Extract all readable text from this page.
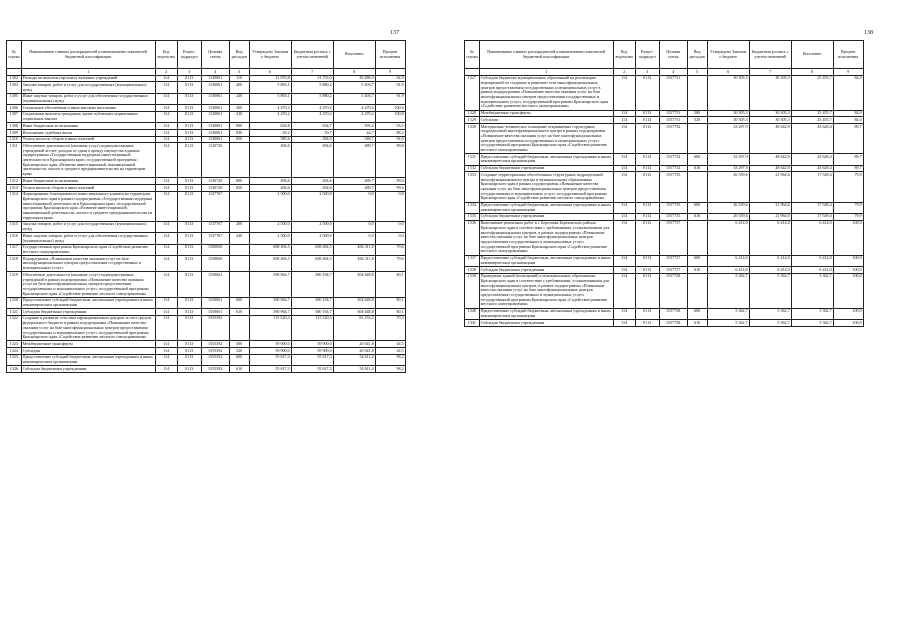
137
№ строки	Наименование главных распорядителей и наименование показателей бюджетной классификации	Код ведомства	Раздел-подраздел	Целевая статья	Вид расходов	Утверждено Законом о бюджете	Бюджетная роспись с учетом изменений	Исполнено	Процент исполнения
	1	2	3	4	5	6	7	8	9
1302	Расходы на выплаты персоналу казенных учреждений	114	0113	1130061	110	31 870,8	31 755,0	29 486,0	92,9
1303	Закупка товаров, работ и услуг для государственных (муниципальных) нужд	114	0113	1130061	200	5 803,1	5 880,2	5 403,7	91,9
1305	Иные закупки товаров, работ и услуг для обеспечения государственных (муниципальных) нужд	114	0113	1130061	240	5 803,1	5 880,2	5 403,7	91,9
1306	Социальное обеспечение и иные выплаты населению	114	0113	1130061	300	4 470,2	4 470,2	4 470,2	100,0
1307	Социальные выплаты гражданам, кроме публичных нормативных социальных выплат	114	0113	1130061	320	4 470,2	4 470,2	4 470,2	100,0
1308	Иные бюджетные ассигнования	114	0113	1130061	800	634,8	634,7	593,4	93,5
1309	Исполнение судебных актов	114	0113	1130061	830	49,2	50,7	44,7	88,2
1310	Уплата налогов, сборов и иных платежей	114	0113	1130061	850	585,6	584,0	548,7	94,0
1311	Обеспечение деятельности (оказание услуг) подведомственных учреждений за счет доходов от сдачи в аренду имущества в рамках подпрограммы «Государственная поддержка инвестиционной деятельности в Красноярском крае» государственной программы Красноярского края «Развитие инвестиционной, инновационной деятельности, малого и среднего предпринимательства на территории края»	114	0113	1130720		494,6	494,6	489,7	99,0
1312	Иные бюджетные ассигнования	114	0113	1130720	800	494,6	494,6	489,7	99,0
1313	Уплата налогов, сборов и иных платежей	114	0113	1130720	850	494,6	494,6	489,7	99,0
1314	Формирование благоприятного инвестиционного климата на территории Красноярского края в рамках подпрограммы «Государственная поддержка инвестиционной деятельности в Красноярском крае» государственной программы Красноярского края «Развитие инвестиционной, инновационной деятельности, малого и среднего предпринимательства на территории края»	114	0113	1137767		2 500,0	2 500,0	0,0	0,0
1315	Закупка товаров, работ и услуг для государственных (муниципальных) нужд	114	0113	1137767	200	2 500,0	2 500,0	0,0	0,0
1316	Иные закупки товаров, работ и услуг для обеспечения государственных (муниципальных) нужд	114	0113	1137767	240	2 500,0	2 500,0	0,0	0,0
1317	Государственная программа Красноярского края «Содействие развитию местного самоуправления»	114	0113	1500000		608 494,5	608 494,5	484 311,8	79,6
1318	Подпрограмма «Повышение качества оказания услуг на базе многофункциональных центров предоставления государственных и муниципальных услуг»	114	0113	1550000		608 494,5	608 494,5	484 311,8	79,6
1319	Обеспечение деятельности (оказание услуг) подведомственных учреждений в рамках подпрограммы «Повышение качества оказания услуг на базе многофункциональных центров предоставления государственных и муниципальных услуг» государственной программы Красноярского края «Содействие развитию местного самоуправления»	114	0113	1550061		390 964,7	380 194,7	304 648,8	80,1
1320	Предоставление субсидий бюджетным, автономным учреждениям и иным некоммерческим организациям	114	0113	1550061	600	390 964,7	380 194,7	304 648,8	80,1
1321	Субсидии бюджетным учреждениям	114	0113	1550061	610	390 964,7	380 194,7	304 648,8	80,1
1322	Создание и развитие сети многофункциональных центров за счет средств федерального бюджета в рамках подпрограммы «Повышение качества оказания услуг на базе многофункциональных центров предоставления государственных и муниципальных услуг» государственной программы Красноярского края «Содействие развитию местного самоуправления»	114	0113	1555392		115 520,3	115 520,3	81 253,2	70,3
1323	Межбюджетные трансферты	114	0113	1555392	500	59 900,0	59 900,0	26 641,8	44,5
1324	Субсидии	114	0113	1555392	520	59 900,0	59 900,0	26 641,8	44,5
1325	Предоставление субсидий бюджетным, автономным учреждениям и иным некоммерческим организациям	114	0113	1555392	600	55 617,3	55 617,3	54 611,4	98,2
1326	Субсидии бюджетным учреждениям	114	0113	1555392	610	55 617,3	55 617,3	54 611,4	98,2
138
№ строки	Наименование главных распорядителей и наименование показателей бюджетной классификации	Код ведомства	Раздел-подраздел	Целевая статья	Вид расходов	Утверждено Законом о бюджете	Бюджетная роспись с учетом изменений	Исполнено	Процент исполнения
	1	2	3	4	5	6	7	8	9
1327	Субсидии бюджетам муниципальных образований на реализацию мероприятий по созданию и развитию сети многофункциональных центров предоставления государственных и муниципальных услуг в рамках подпрограммы «Повышение качества оказания услуг на базе многофункциональных центров предоставления государственных и муниципальных услуг» государственной программы Красноярского края «Содействие развитию местного самоуправления»	114	0113	1557751		30 305,3	30 305,3	25 455,7	84,0
1328	Межбюджетные трансферты	114	0113	1557751	500	30 305,3	30 305,3	25 455,7	84,0
1329	Субсидии	114	0113	1557751	520	30 305,3	30 305,3	25 455,7	84,0
1330	Материально-техническое оснащение открываемых структурных подразделений многофункционального центра в рамках подпрограммы «Повышение качества оказания услуг на базе многофункциональных центров предоставления государственных и муниципальных услуг» государственной программы Красноярского края «Содействие развитию местного самоуправления»	114	0113	1557752		33 297,9	48 642,9	43 628,4	89,7
1331	Предоставление субсидий бюджетным, автономным учреждениям и иным некоммерческим организациям	114	0113	1557752	600	33 297,9	48 642,9	43 628,4	89,7
1332	Субсидии бюджетным учреждениям	114	0113	1557752	610	33 297,9	48 642,9	43 628,4	89,7
1333	Создание территориально обособленных структурных подразделений многофункционального центра в муниципальных образованиях Красноярского края в рамках подпрограммы «Повышение качества оказания услуг на базе многофункциональных центров предоставления государственных и муниципальных услуг» государственной программы Красноярского края «Содействие развитию местного самоуправления»	114	0113	1557755		26 539,6	21 964,6	17 549,4	79,9
1334	Предоставление субсидий бюджетным, автономным учреждениям и иным некоммерческим организациям	114	0113	1557755	600	26 539,6	21 964,6	17 549,4	79,9
1335	Субсидии бюджетным учреждениям	114	0113	1557755	610	26 539,6	21 964,6	17 549,4	79,9
1336	Выполнение ремонтных работ в г. Березовка Березовского района Красноярского края в соответствии с требованиями, установленными для многофункциональных центров, в рамках подпрограммы «Повышение качества оказания услуг на базе многофункциональных центров предоставления государственных и муниципальных услуг» государственной программы Красноярского края «Содействие развитию местного самоуправления»	114	0113	1557757		6 414,0	6 414,0	6 414,0	100,0
1337	Предоставление субсидий бюджетным, автономным учреждениям и иным некоммерческим организациям	114	0113	1557757	600	6 414,0	6 414,0	6 414,0	100,0
1338	Субсидии бюджетным учреждениям	114	0113	1557757	610	6 414,0	6 414,0	6 414,0	100,0
1339	Приведение зданий (помещений) в муниципальных образованиях Красноярского края в соответствие с требованиями, установленными для многофункциональных центров, в рамках подпрограммы «Повышение качества оказания услуг на базе многофункциональных центров предоставления государственных и муниципальных услуг» государственной программы Красноярского края «Содействие развитию местного самоуправления»	114	0113	1557758		5 362,7	5 362,7	5 362,7	100,0
1340	Предоставление субсидий бюджетным, автономным учреждениям и иным некоммерческим организациям	114	0113	1557758	600	5 362,7	5 362,7	5 362,7	100,0
1341	Субсидии бюджетным учреждениям	114	0113	1557758	610	5 362,7	5 362,7	5 362,7	100,0
